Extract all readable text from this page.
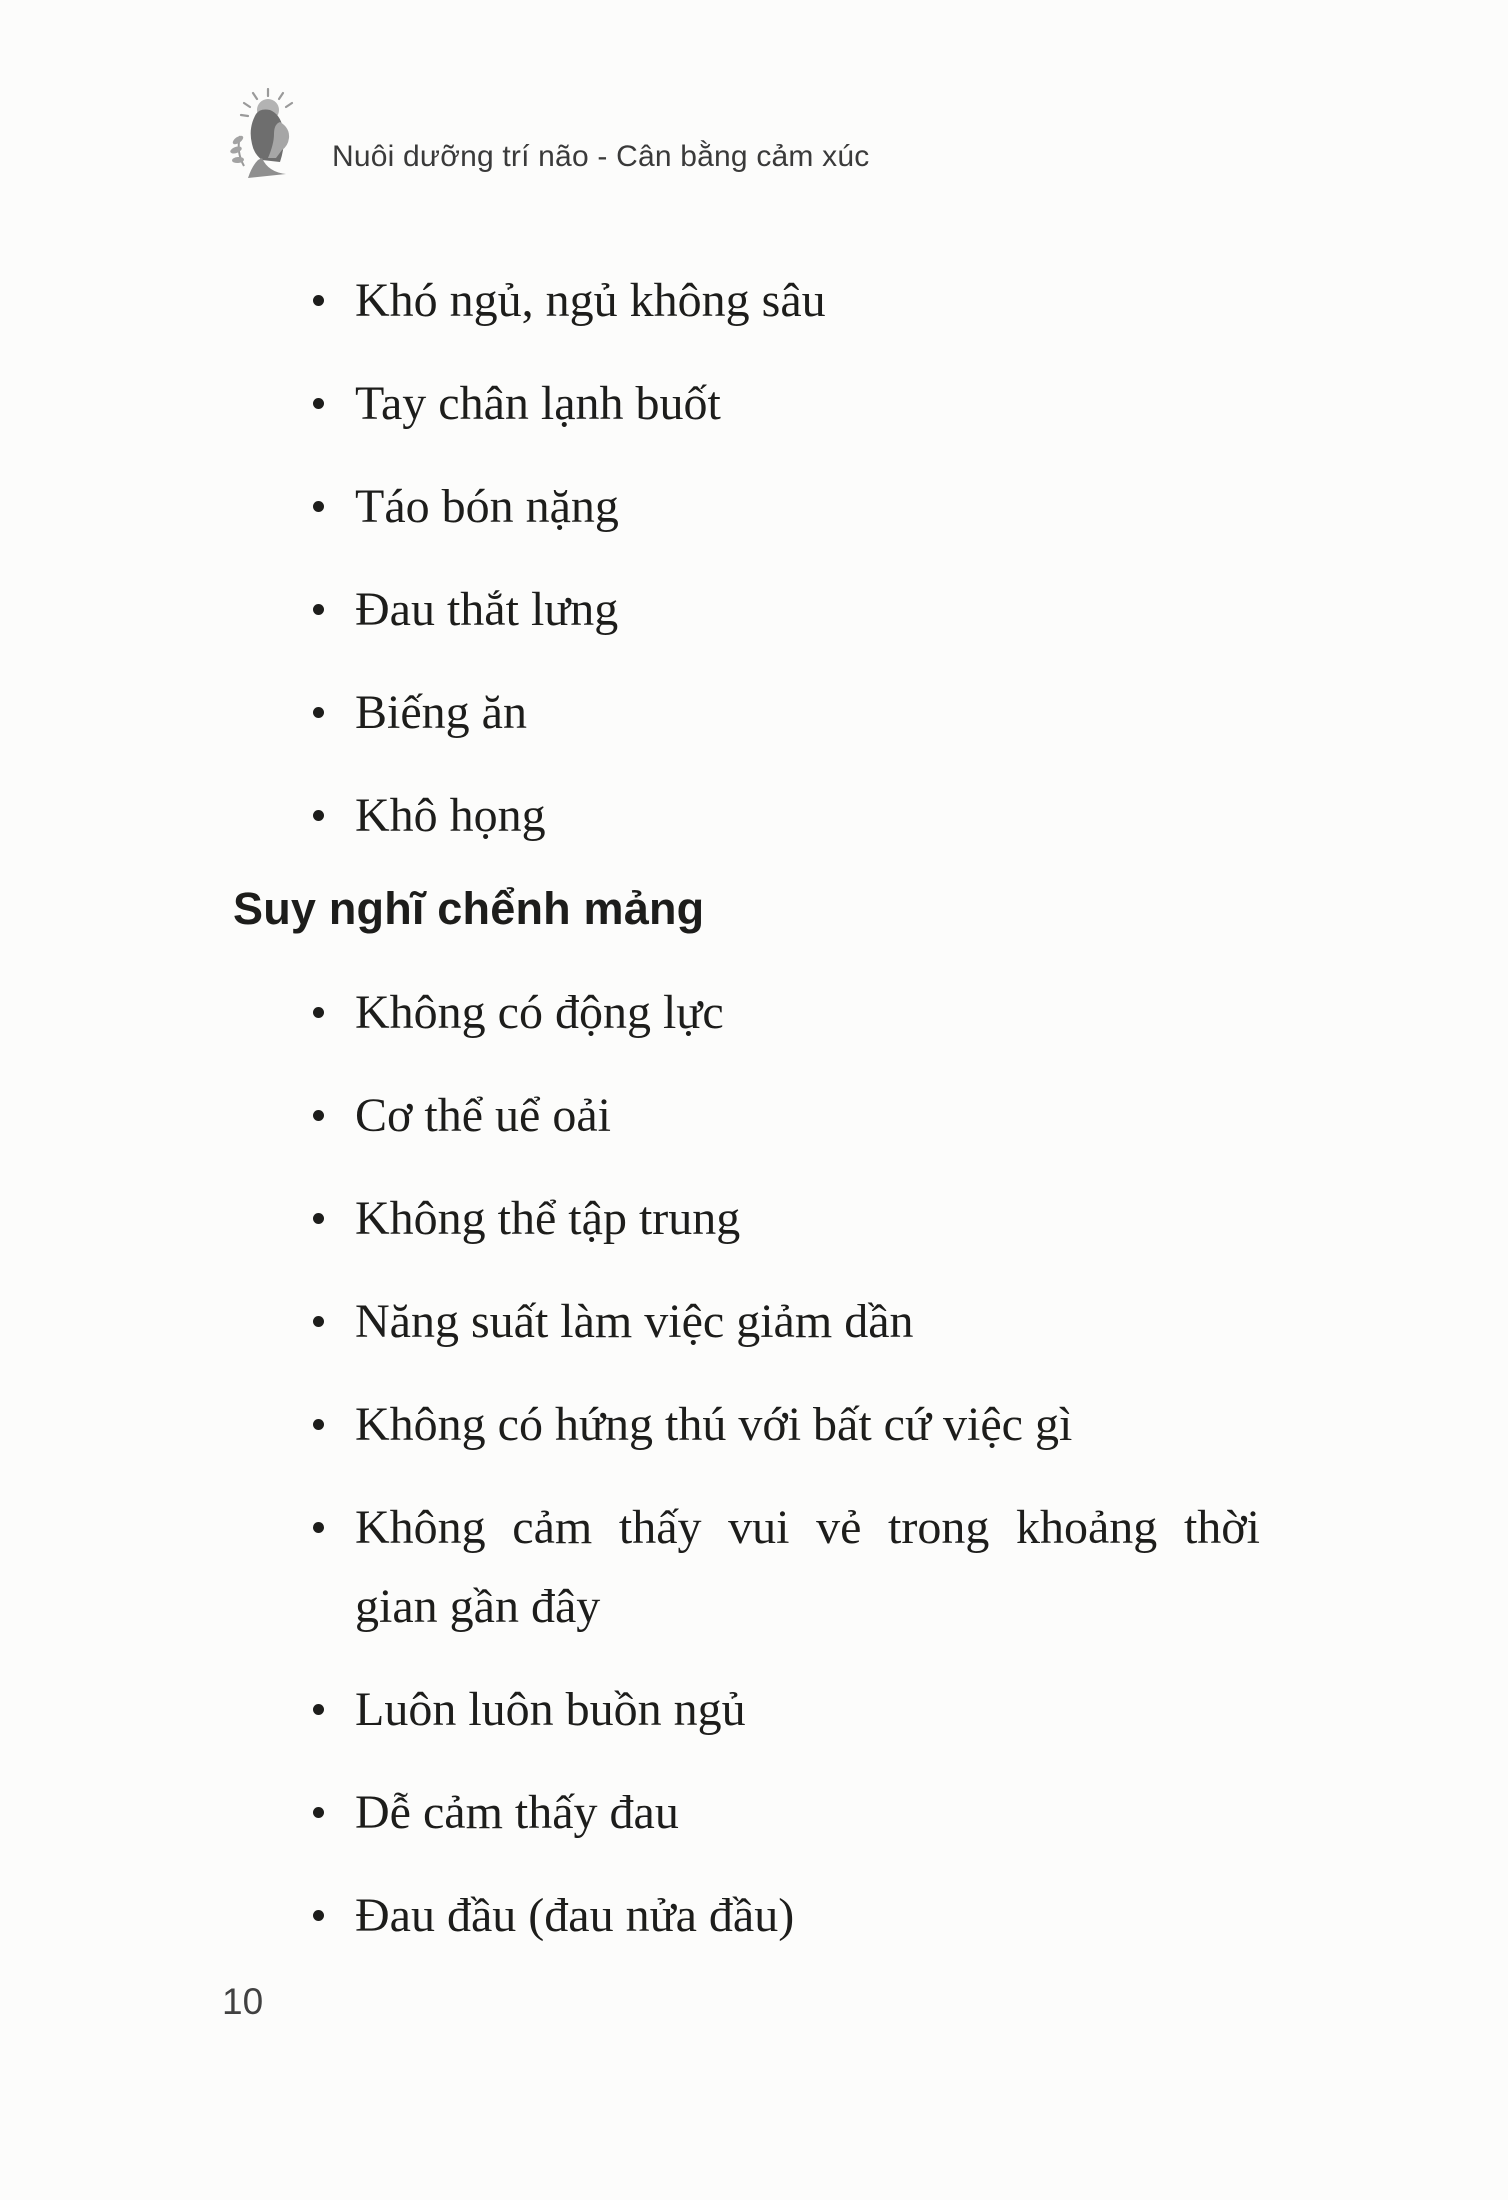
Nuôi dưỡng trí não - Cân bằng cảm xúc
Khó ngủ, ngủ không sâu
Tay chân lạnh buốt
Táo bón nặng
Đau thắt lưng
Biếng ăn
Khô họng
Suy nghĩ chểnh mảng
Không có động lực
Cơ thể uể oải
Không thể tập trung
Năng suất làm việc giảm dần
Không có hứng thú với bất cứ việc gì
Không cảm thấy vui vẻ trong khoảng thời
gian gần đây
Luôn luôn buồn ngủ
Dễ cảm thấy đau
Đau đầu (đau nửa đầu)
10
